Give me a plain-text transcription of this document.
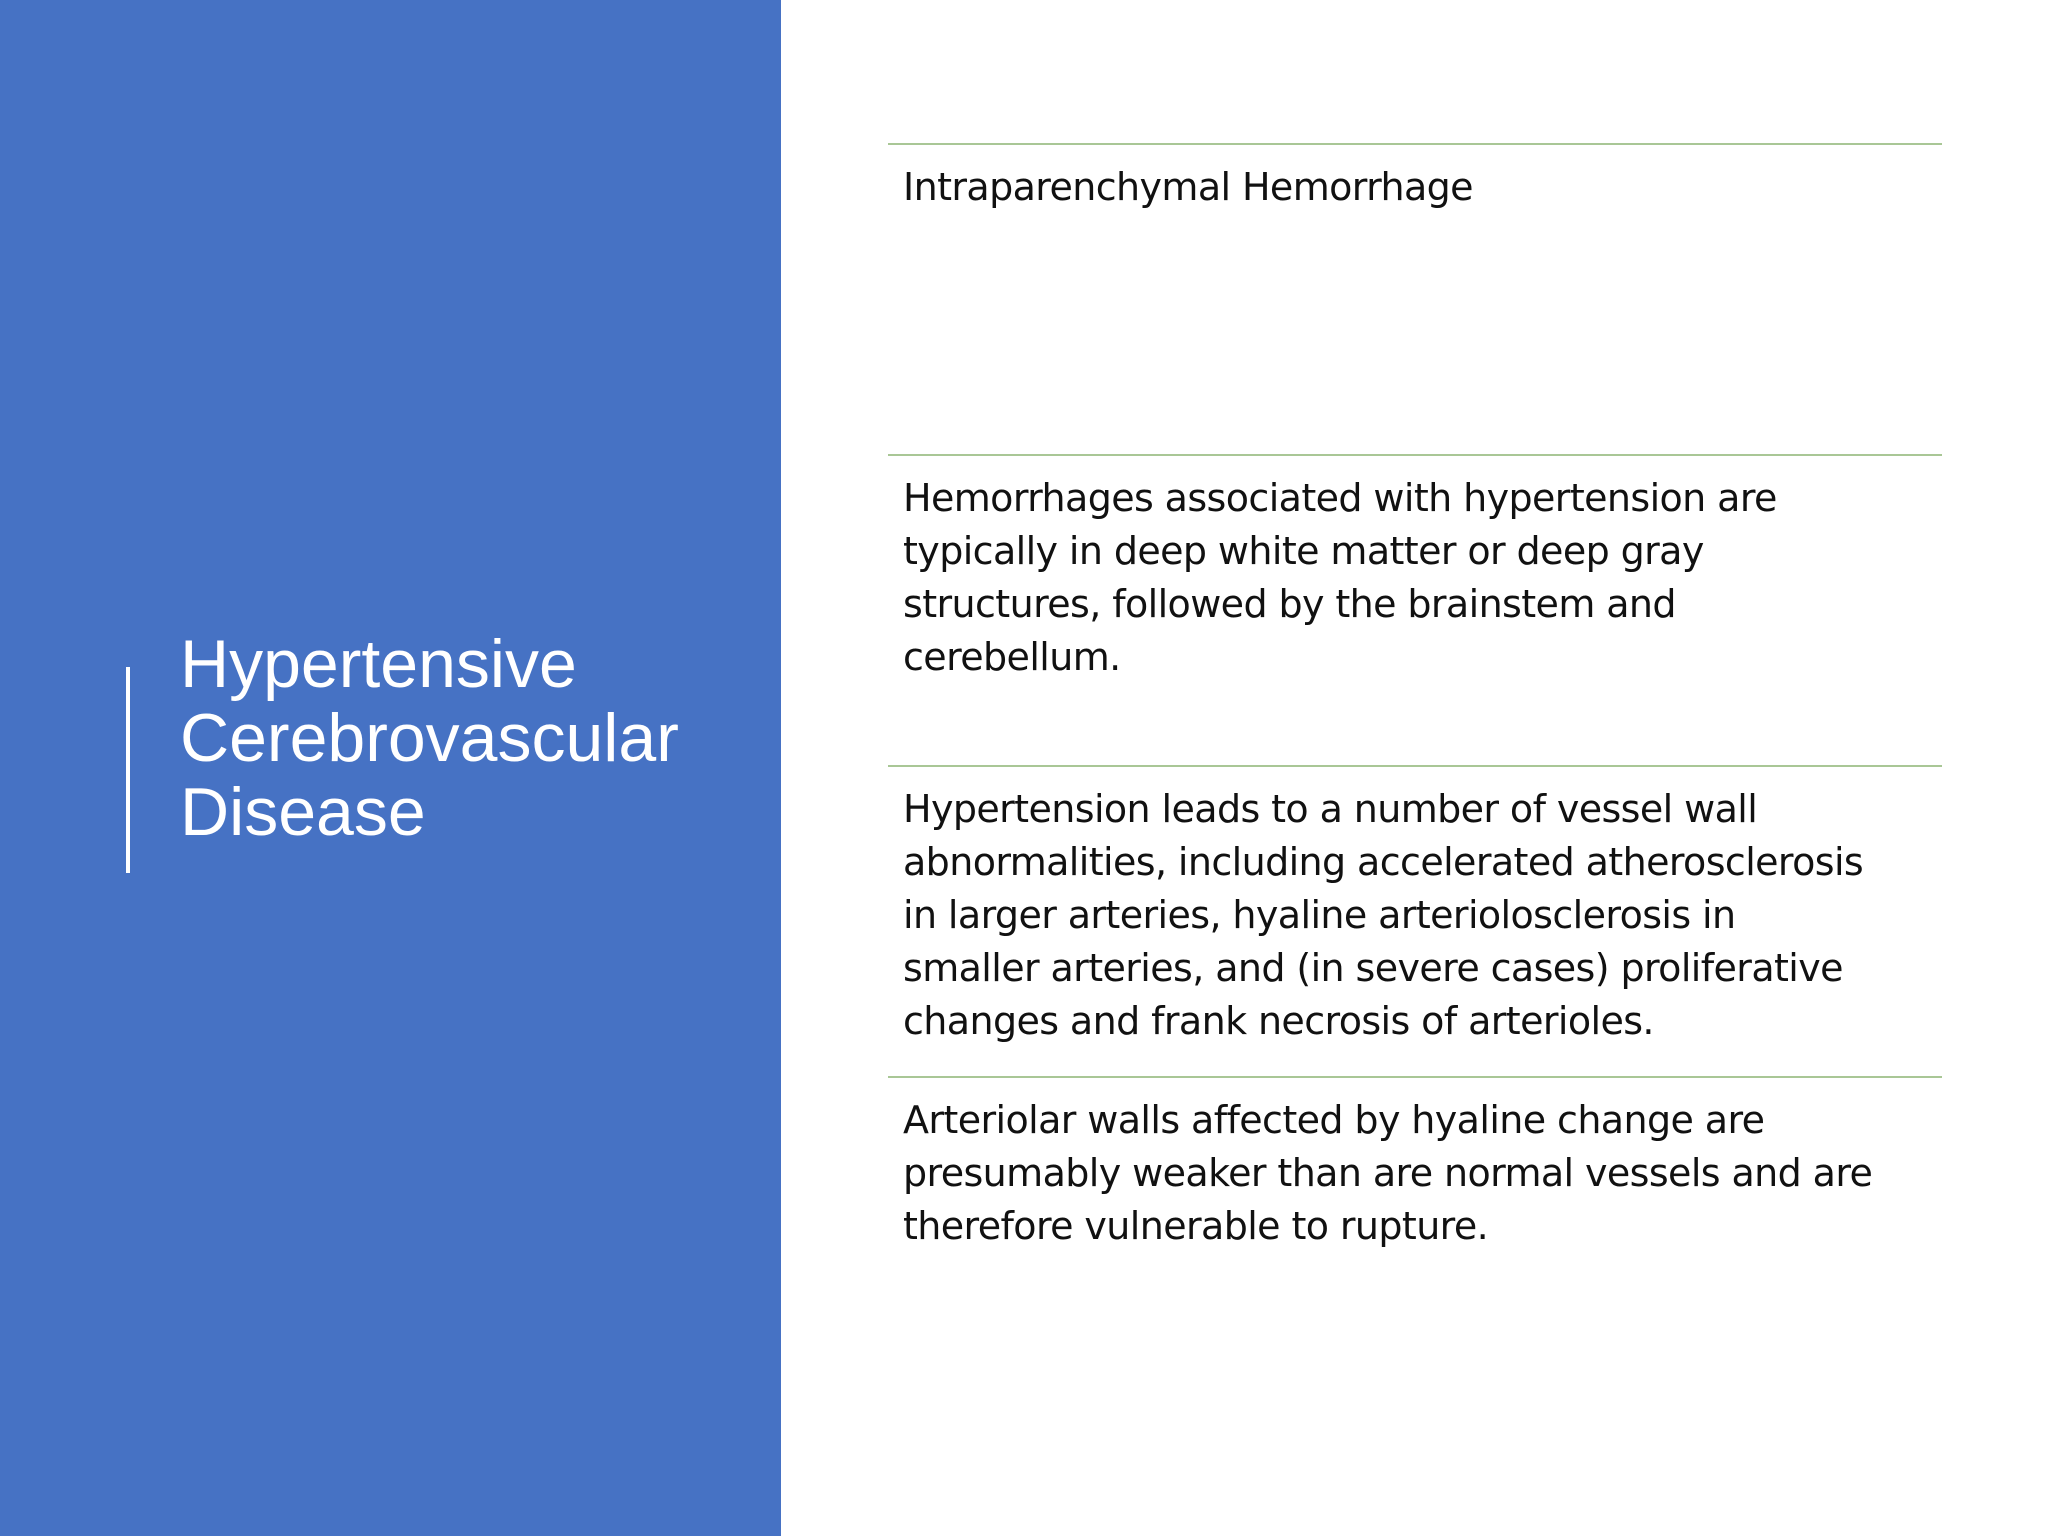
Hypertensive
Cerebrovascular
Disease

Intraparenchymal Hemorrhage

Hemorrhages associated with hypertension are
typically in deep white matter or deep gray
structures, followed by the brainstem and
cerebellum.

Hypertension leads to a number of vessel wall
abnormalities, including accelerated atherosclerosis
in larger arteries, hyaline arteriolosclerosis in
smaller arteries, and (in severe cases) proliferative
changes and frank necrosis of arterioles.

Arteriolar walls affected by hyaline change are
presumably weaker than are normal vessels and are
therefore vulnerable to rupture.
